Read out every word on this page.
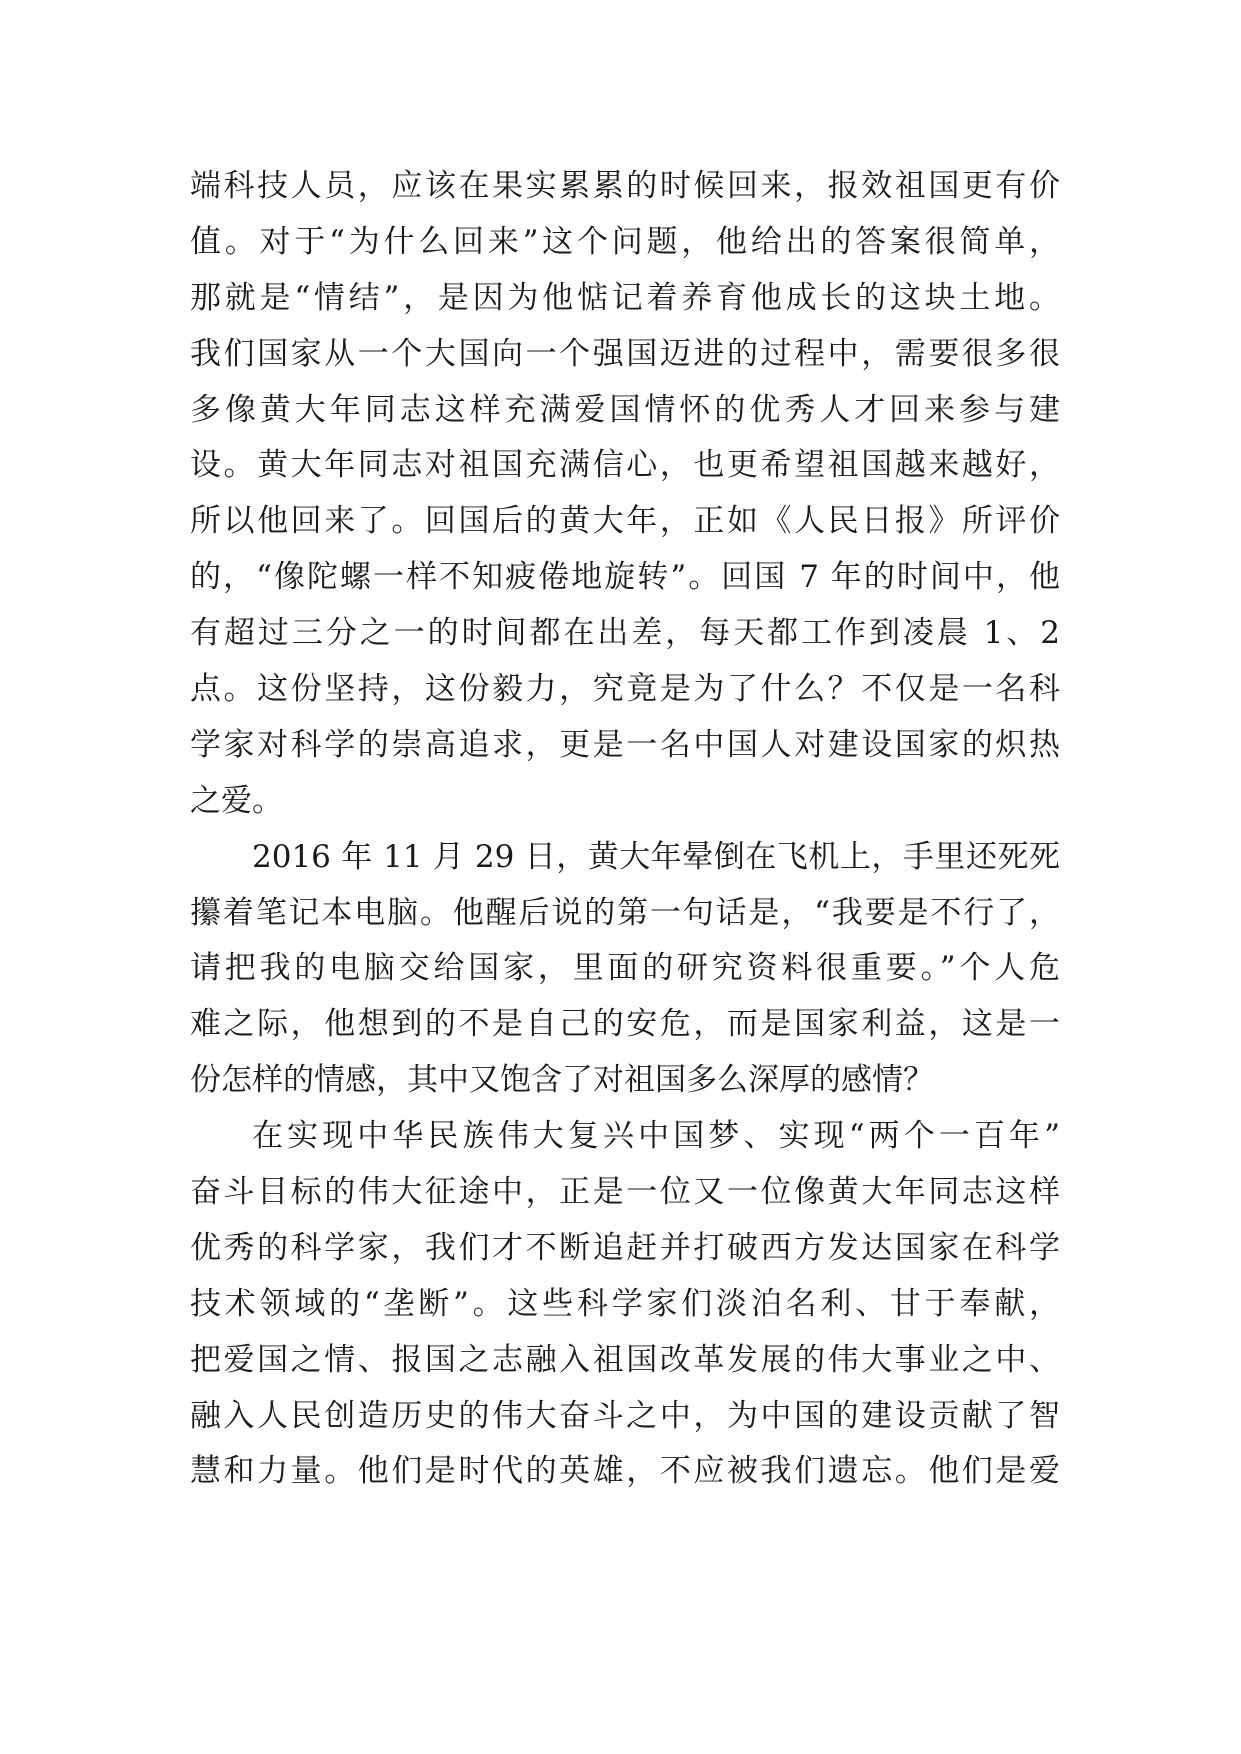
端科技人员，应该在果实累累的时候回来，报效祖国更有价
值。对于“为什么回来”这个问题，他给出的答案很简单，
那就是“情结”，是因为他惦记着养育他成长的这块土地。
我们国家从一个大国向一个强国迈进的过程中，需要很多很
多像黄大年同志这样充满爱国情怀的优秀人才回来参与建
设。黄大年同志对祖国充满信心，也更希望祖国越来越好，
所以他回来了。回国后的黄大年，正如《人民日报》所评价
的，“像陀螺一样不知疲倦地旋转”。回国 7 年的时间中，他
有超过三分之一的时间都在出差，每天都工作到凌晨 1、2
点。这份坚持，这份毅力，究竟是为了什么？不仅是一名科
学家对科学的崇高追求，更是一名中国人对建设国家的炽热
之爱。
2016 年 11 月 29 日，黄大年晕倒在飞机上，手里还死死
攥着笔记本电脑。他醒后说的第一句话是，“我要是不行了，
请把我的电脑交给国家，里面的研究资料很重要。”个人危
难之际，他想到的不是自己的安危，而是国家利益，这是一
份怎样的情感，其中又饱含了对祖国多么深厚的感情？
在实现中华民族伟大复兴中国梦、实现“两个一百年”
奋斗目标的伟大征途中，正是一位又一位像黄大年同志这样
优秀的科学家，我们才不断追赶并打破西方发达国家在科学
技术领域的“垄断”。这些科学家们淡泊名利、甘于奉献，
把爱国之情、报国之志融入祖国改革发展的伟大事业之中、
融入人民创造历史的伟大奋斗之中，为中国的建设贡献了智
慧和力量。他们是时代的英雄，不应被我们遗忘。他们是爱
